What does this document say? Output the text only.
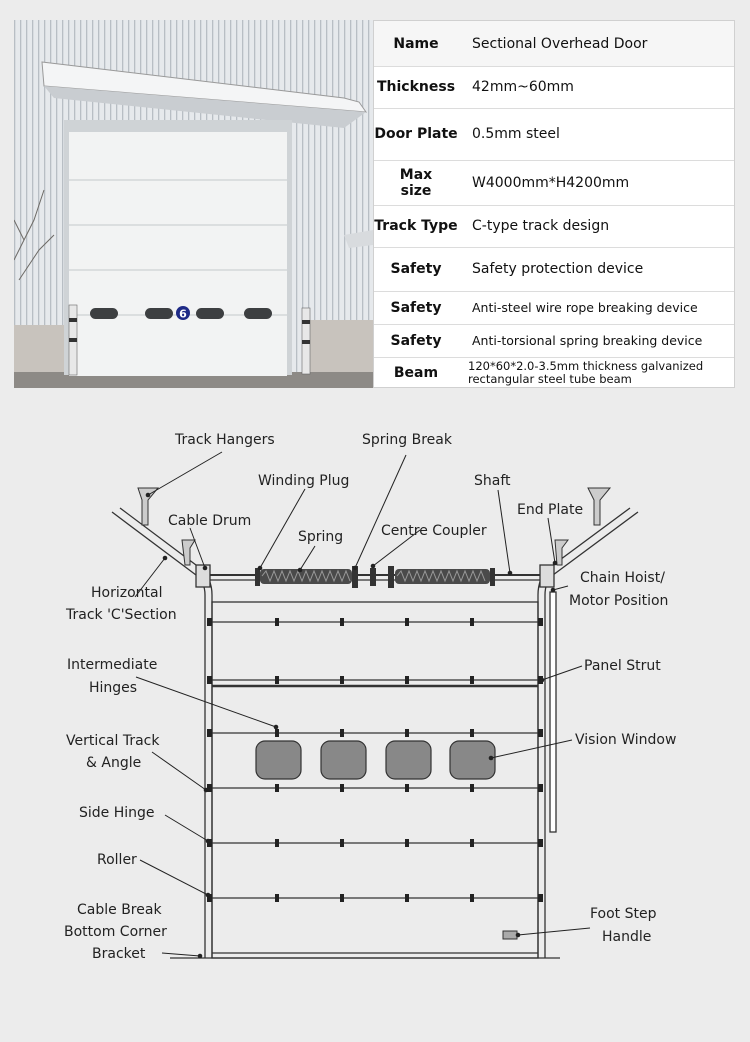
6
Name	Sectional Overhead Door
Thickness	42mm~60mm
Door Plate	0.5mm steel
Max
size	W4000mm*H4200mm
Track Type	C-type track design
Safety	Safety protection device
Safety	Anti-steel wire rope breaking device
Safety	Anti-torsional spring breaking device
Beam	120*60*2.0-3.5mm thickness galvanized
rectangular steel tube beam
Track Hangers	Spring Break
Winding Plug	Shaft
Cable Drum
End Plate
Spring	Centre Coupler
Horizontal
Track 'C'Section
Chain Hoist/
Motor Position
Intermediate
Hinges
Panel Strut
Vertical Track
& Angle
Vision Window
Side Hinge
Roller
Cable Break
Bottom Corner
Bracket
Foot Step
Handle
